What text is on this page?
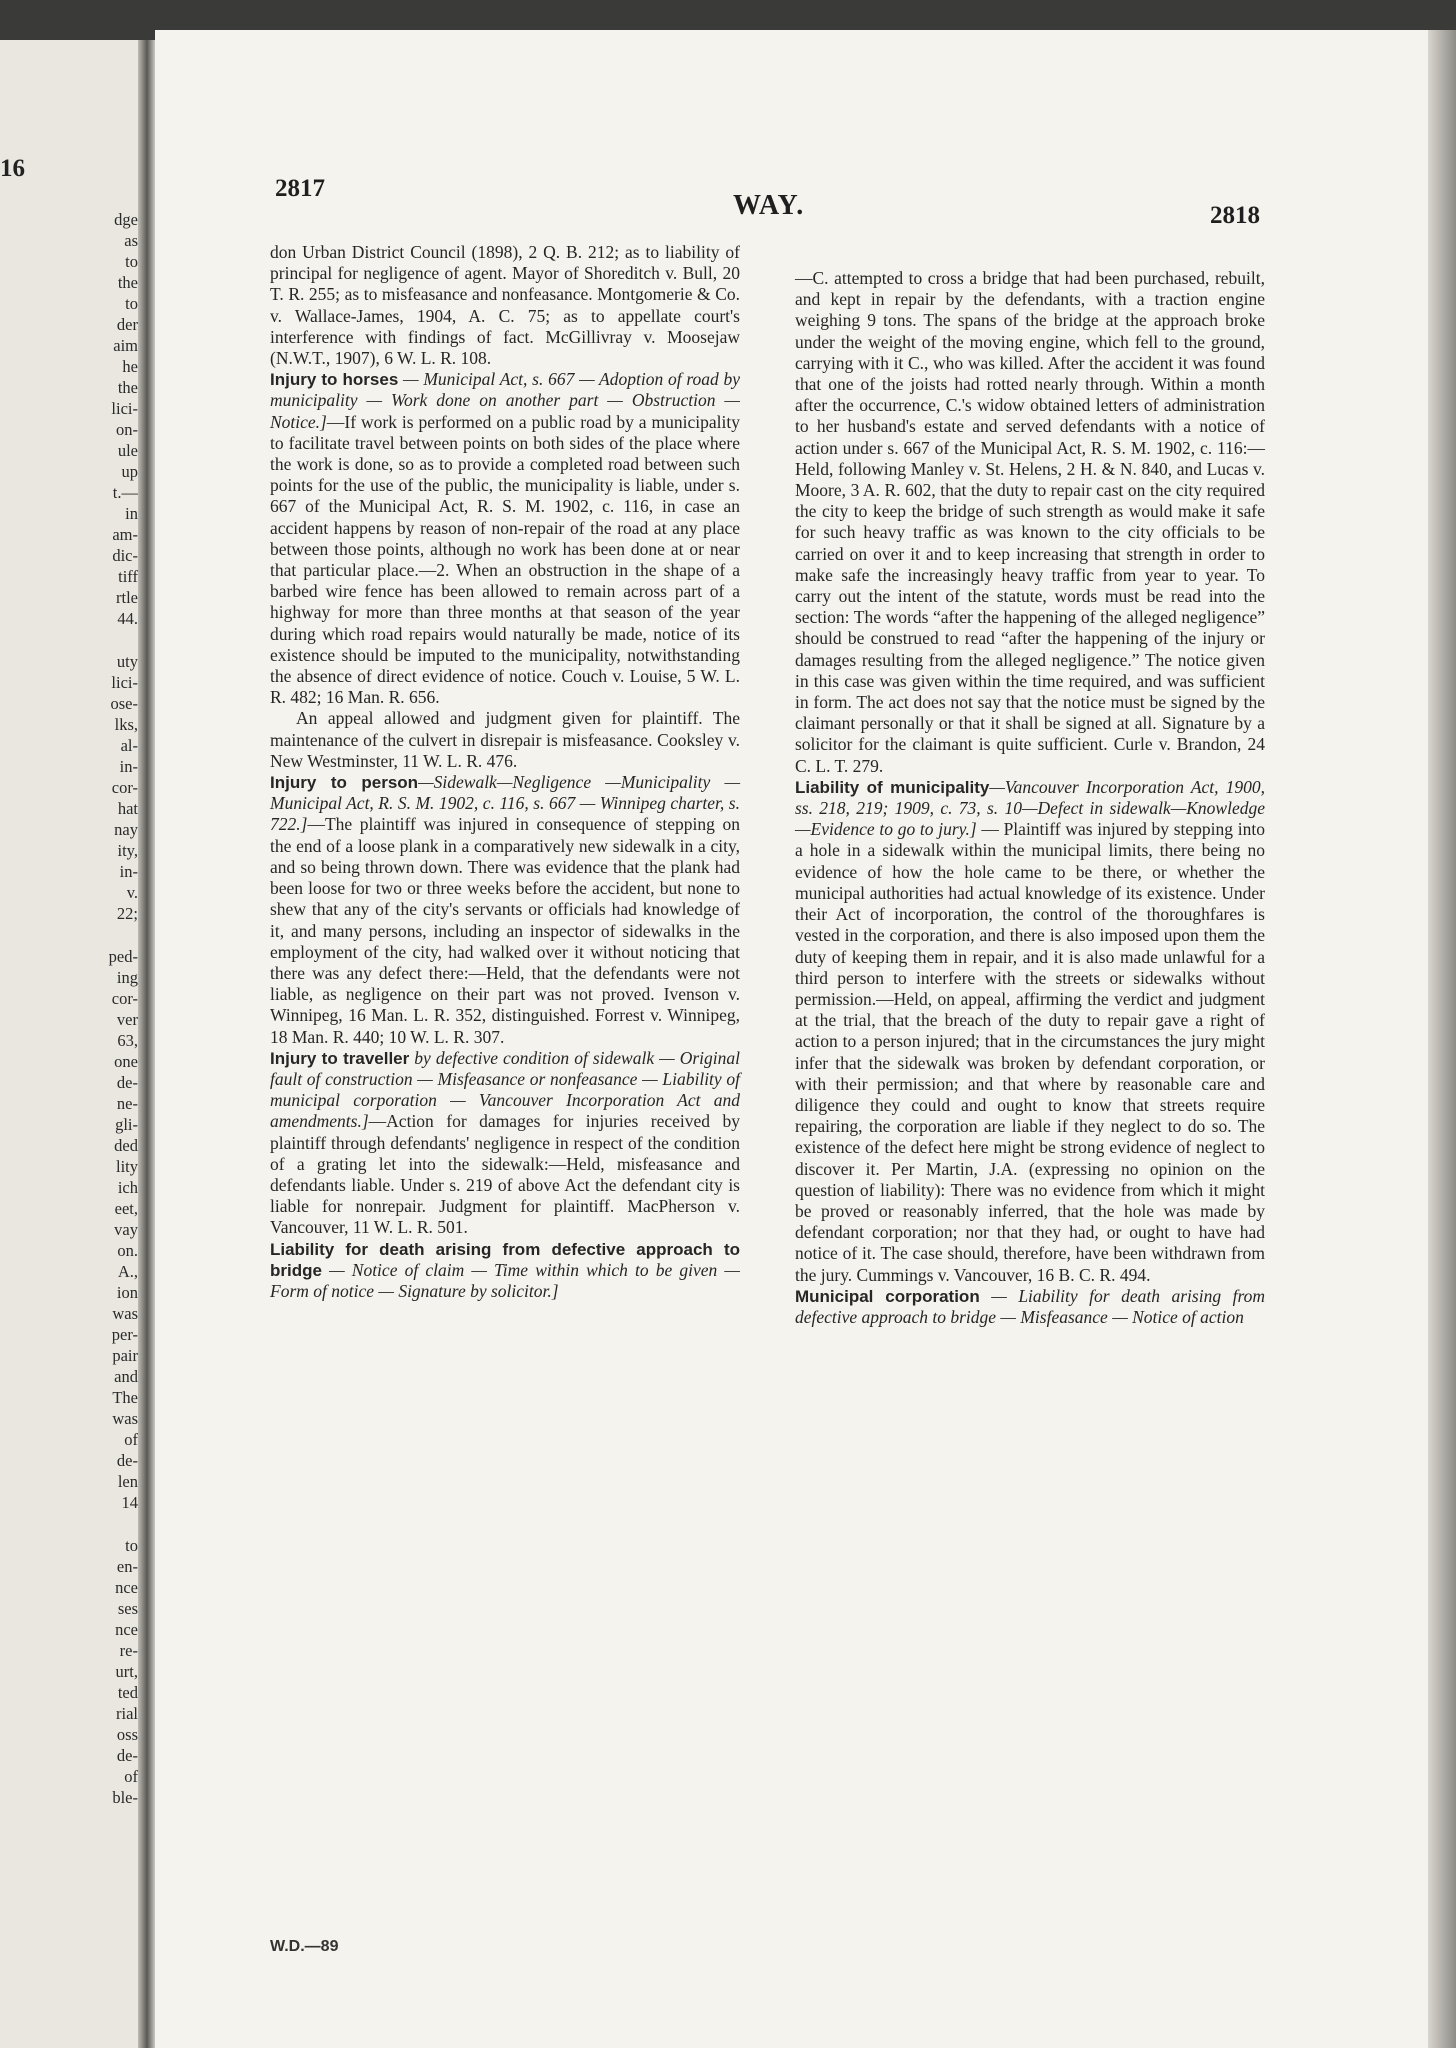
16
dge
as
to
the
to
der
aim
he
the
lici-
on-
ule
up
t.—
in
am-
dic-
tiff
rtle
44.
uty
lici-
ose-
lks,
al-
in-
cor-
hat
nay
ity,
in-
v.
22;
ped-
ing
cor-
ver
63,
one
de-
ne-
gli-
ded
lity
ich
eet,
vay
on.
A.,
ion
was
per-
pair
and
The
was
of
de-
len
14
to
en-
nce
ses
nce
re-
urt,
ted
rial
oss
de-
of
ble-
2817
WAY.	2818

don Urban District Council (1898), 2 Q. B. 212; as to liability of principal for negligence of agent. Mayor of Shoreditch v. Bull, 20 T. R. 255; as to misfeasance and nonfeasance. Montgomerie & Co. v. Wallace-James, 1904, A. C. 75; as to appellate court's interference with findings of fact. McGillivray v. Moosejaw (N.W.T., 1907), 6 W. L. R. 108.

Injury to horses — Municipal Act, s. 667 — Adoption of road by municipality — Work done on another part — Obstruction —Notice.]—If work is performed on a public road by a municipality to facilitate travel between points on both sides of the place where the work is done, so as to provide a completed road between such points for the use of the public, the municipality is liable, under s. 667 of the Municipal Act, R. S. M. 1902, c. 116, in case an accident happens by reason of non-repair of the road at any place between those points, although no work has been done at or near that particular place.—2. When an obstruction in the shape of a barbed wire fence has been allowed to remain across part of a highway for more than three months at that season of the year during which road repairs would naturally be made, notice of its existence should be imputed to the municipality, notwithstanding the absence of direct evidence of notice. Couch v. Louise, 5 W. L. R. 482; 16 Man. R. 656.

An appeal allowed and judgment given for plaintiff. The maintenance of the culvert in disrepair is misfeasance. Cooksley v. New Westminster, 11 W. L. R. 476.

Injury to person—Sidewalk—Negligence —Municipality — Municipal Act, R. S. M. 1902, c. 116, s. 667 — Winnipeg charter, s. 722.]—The plaintiff was injured in consequence of stepping on the end of a loose plank in a comparatively new sidewalk in a city, and so being thrown down. There was evidence that the plank had been loose for two or three weeks before the accident, but none to shew that any of the city's servants or officials had knowledge of it, and many persons, including an inspector of sidewalks in the employment of the city, had walked over it without noticing that there was any defect there:—Held, that the defendants were not liable, as negligence on their part was not proved. Ivenson v. Winnipeg, 16 Man. L. R. 352, distinguished. Forrest v. Winnipeg, 18 Man. R. 440; 10 W. L. R. 307.

Injury to traveller by defective condition of sidewalk — Original fault of construction — Misfeasance or nonfeasance — Liability of municipal corporation — Vancouver Incorporation Act and amendments.]—Action for damages for injuries received by plaintiff through defendants' negligence in respect of the condition of a grating let into the sidewalk:—Held, misfeasance and defendants liable. Under s. 219 of above Act the defendant city is liable for nonrepair. Judgment for plaintiff. MacPherson v. Vancouver, 11 W. L. R. 501.

Liability for death arising from defective approach to bridge — Notice of claim — Time within which to be given — Form of notice — Signature by solicitor.]

—C. attempted to cross a bridge that had been purchased, rebuilt, and kept in repair by the defendants, with a traction engine weighing 9 tons. The spans of the bridge at the approach broke under the weight of the moving engine, which fell to the ground, carrying with it C., who was killed. After the accident it was found that one of the joists had rotted nearly through. Within a month after the occurrence, C.'s widow obtained letters of administration to her husband's estate and served defendants with a notice of action under s. 667 of the Municipal Act, R. S. M. 1902, c. 116:—Held, following Manley v. St. Helens, 2 H. & N. 840, and Lucas v. Moore, 3 A. R. 602, that the duty to repair cast on the city required the city to keep the bridge of such strength as would make it safe for such heavy traffic as was known to the city officials to be carried on over it and to keep increasing that strength in order to make safe the increasingly heavy traffic from year to year. To carry out the intent of the statute, words must be read into the section: The words “after the happening of the alleged negligence” should be construed to read “after the happening of the injury or damages resulting from the alleged negligence.” The notice given in this case was given within the time required, and was sufficient in form. The act does not say that the notice must be signed by the claimant personally or that it shall be signed at all. Signature by a solicitor for the claimant is quite sufficient. Curle v. Brandon, 24 C. L. T. 279.

Liability of municipality—Vancouver Incorporation Act, 1900, ss. 218, 219; 1909, c. 73, s. 10—Defect in sidewalk—Knowledge —Evidence to go to jury.] — Plaintiff was injured by stepping into a hole in a sidewalk within the municipal limits, there being no evidence of how the hole came to be there, or whether the municipal authorities had actual knowledge of its existence. Under their Act of incorporation, the control of the thoroughfares is vested in the corporation, and there is also imposed upon them the duty of keeping them in repair, and it is also made unlawful for a third person to interfere with the streets or sidewalks without permission.—Held, on appeal, affirming the verdict and judgment at the trial, that the breach of the duty to repair gave a right of action to a person injured; that in the circumstances the jury might infer that the sidewalk was broken by defendant corporation, or with their permission; and that where by reasonable care and diligence they could and ought to know that streets require repairing, the corporation are liable if they neglect to do so. The existence of the defect here might be strong evidence of neglect to discover it. Per Martin, J.A. (expressing no opinion on the question of liability): There was no evidence from which it might be proved or reasonably inferred, that the hole was made by defendant corporation; nor that they had, or ought to have had notice of it. The case should, therefore, have been withdrawn from the jury. Cummings v. Vancouver, 16 B. C. R. 494.

Municipal corporation — Liability for death arising from defective approach to bridge — Misfeasance — Notice of action

W.D.—89
